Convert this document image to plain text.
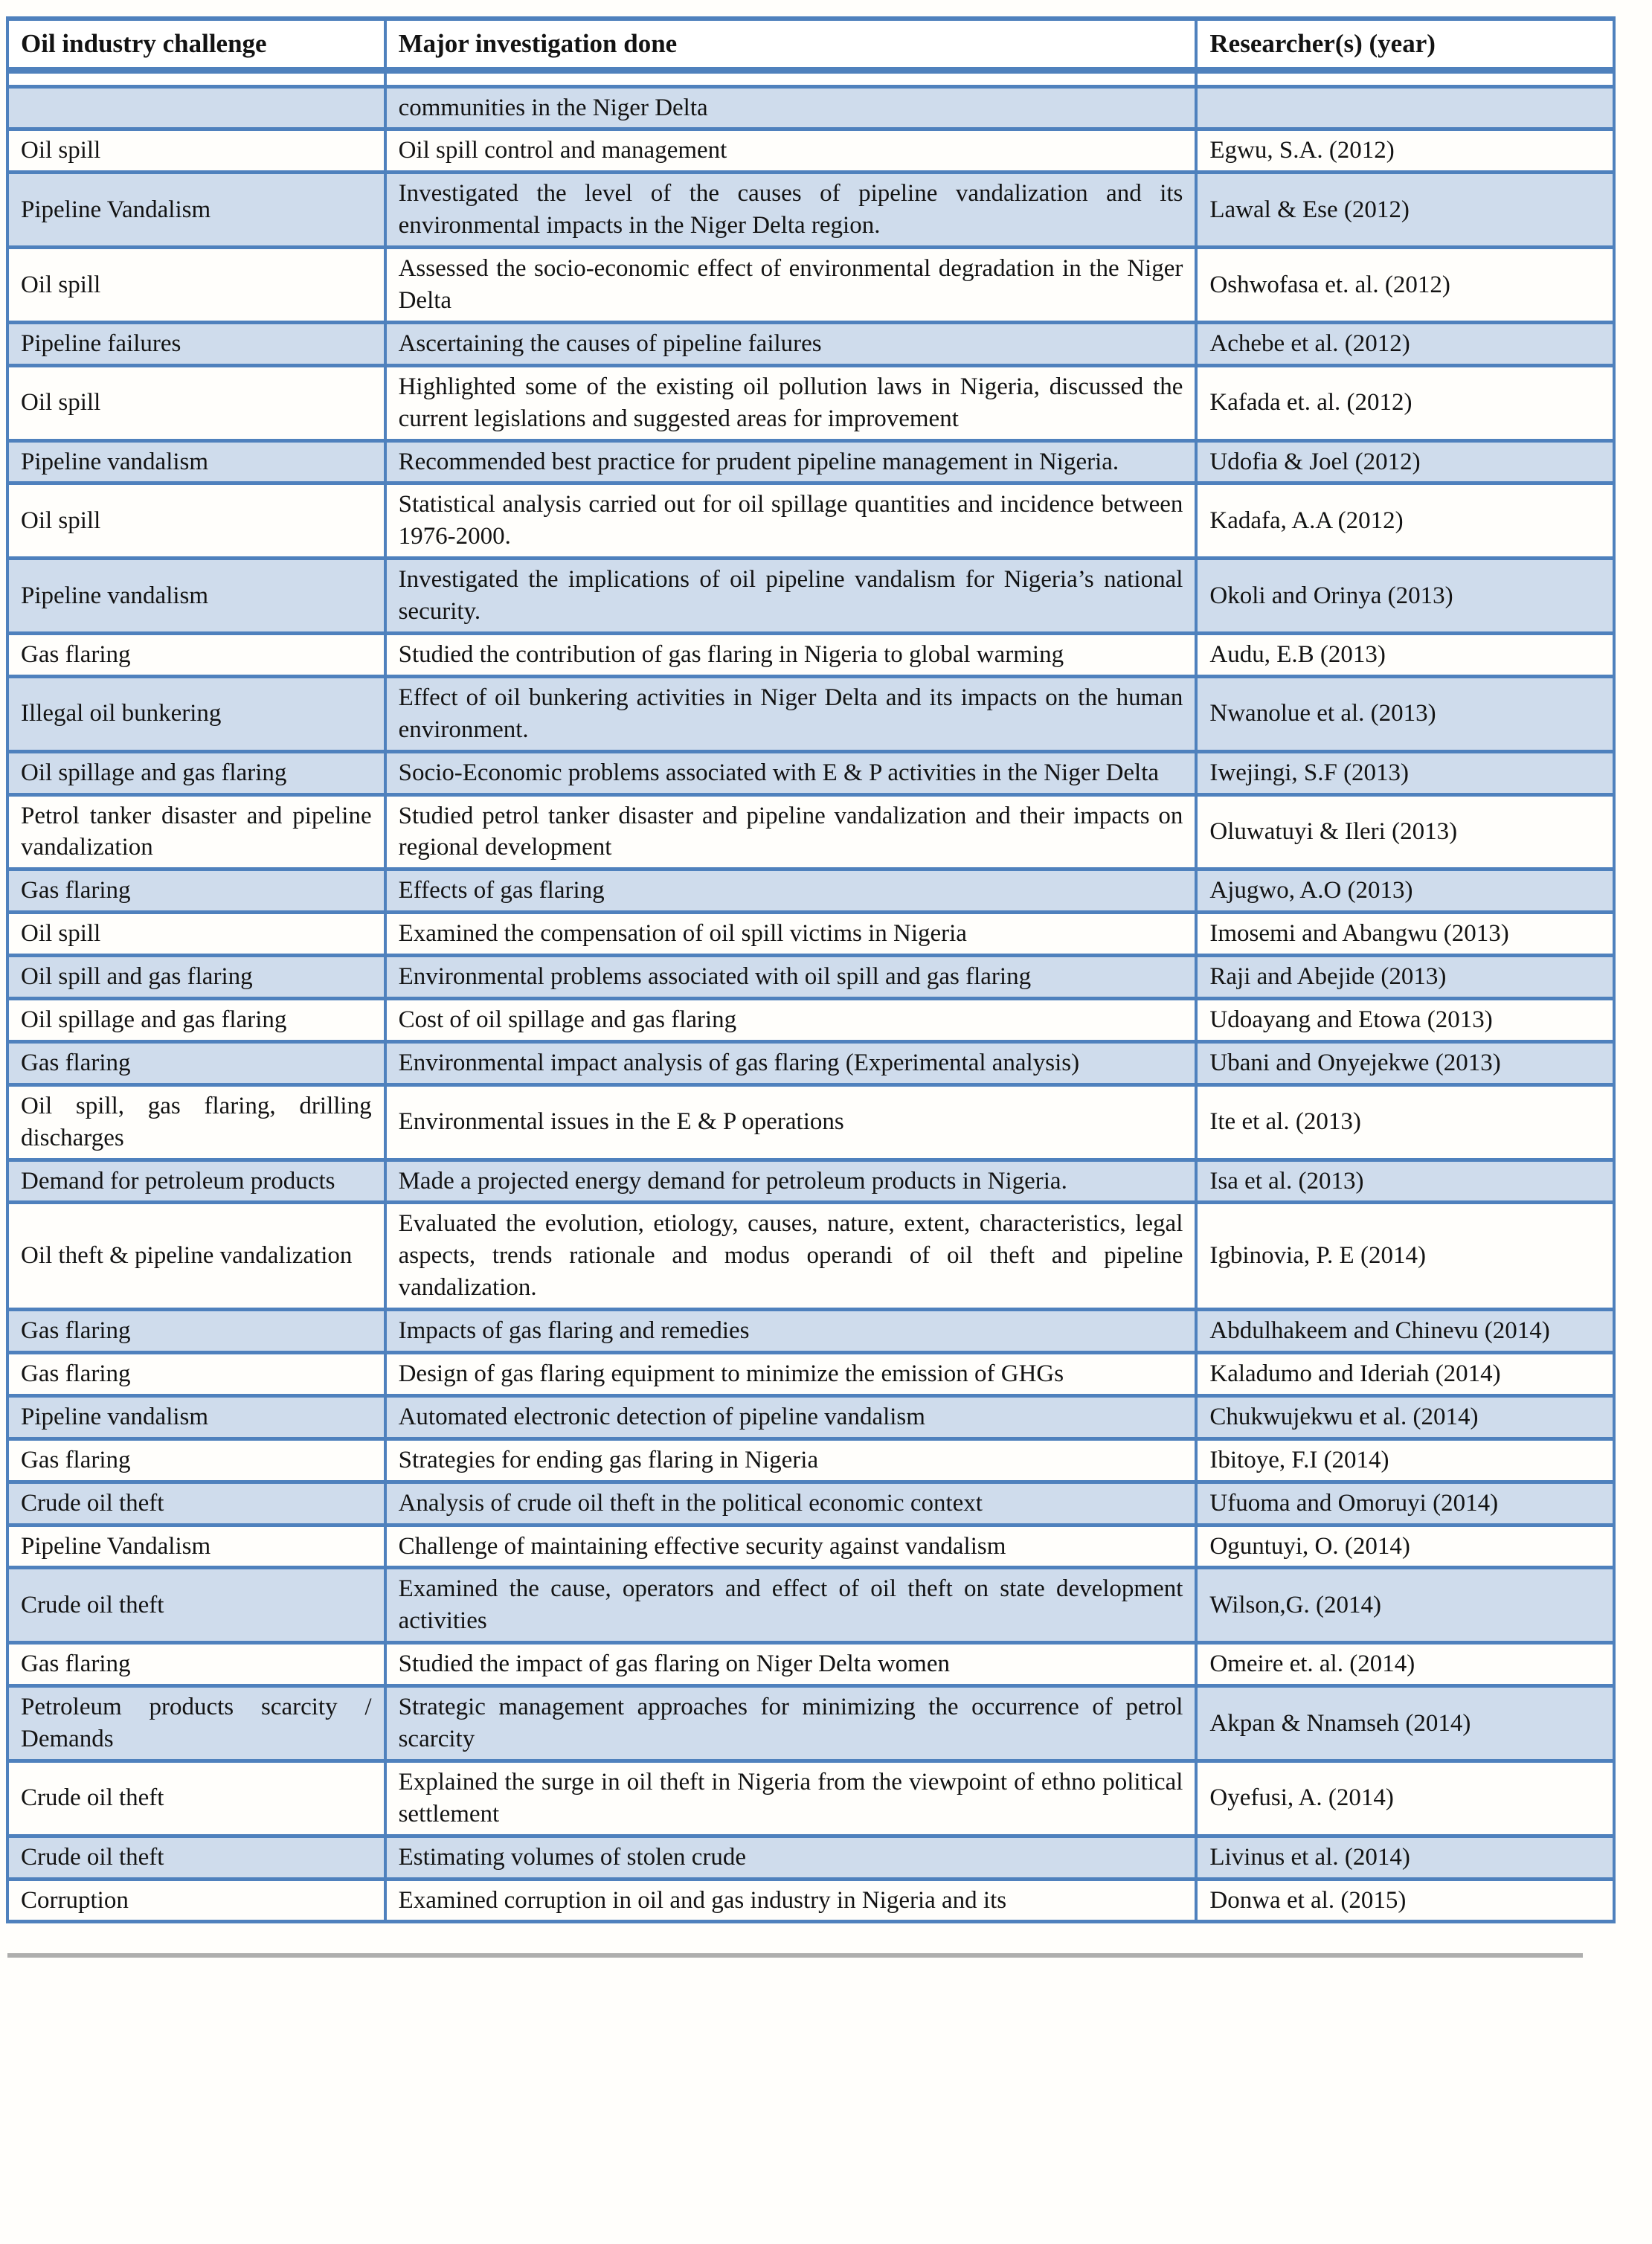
Oil industry challenge	Major investigation done	Researcher(s) (year)

	communities in the Niger Delta	
Oil spill	Oil spill control and management	Egwu, S.A. (2012)
Pipeline Vandalism	Investigated the level of the causes of pipeline vandalization and its environmental impacts in the Niger Delta region.	Lawal & Ese (2012)
Oil spill	Assessed the socio-economic effect of environmental degradation in the Niger Delta	Oshwofasa et. al. (2012)
Pipeline failures	Ascertaining the causes of pipeline failures	Achebe et al. (2012)
Oil spill	Highlighted some of the existing oil pollution laws in Nigeria, discussed the current legislations and suggested areas for improvement	Kafada et. al. (2012)
Pipeline vandalism	Recommended best practice for prudent pipeline management in Nigeria.	Udofia & Joel (2012)
Oil spill	Statistical analysis carried out for oil spillage quantities and incidence between 1976-2000.	Kadafa, A.A (2012)
Pipeline vandalism	Investigated the implications of oil pipeline vandalism for Nigeria’s national security.	Okoli and Orinya (2013)
Gas flaring	Studied the contribution of gas flaring in Nigeria to global warming	Audu, E.B (2013)
Illegal oil bunkering	Effect of oil bunkering activities in Niger Delta and its impacts on the human environment.	Nwanolue et al. (2013)
Oil spillage and gas flaring	Socio-Economic problems associated with E & P activities in the Niger Delta	Iwejingi, S.F (2013)
Petrol tanker disaster and pipeline vandalization	Studied petrol tanker disaster and pipeline vandalization and their impacts on regional development	Oluwatuyi & Ileri (2013)
Gas flaring	Effects of gas flaring	Ajugwo, A.O (2013)
Oil spill	Examined the compensation of oil spill victims in Nigeria	Imosemi and Abangwu (2013)
Oil spill and gas flaring	Environmental problems associated with oil spill and gas flaring	Raji and Abejide (2013)
Oil spillage and gas flaring	Cost of oil spillage and gas flaring	Udoayang and Etowa (2013)
Gas flaring	Environmental impact analysis of gas flaring (Experimental analysis)	Ubani and Onyejekwe (2013)
Oil spill, gas flaring, drilling discharges	Environmental issues in the E & P operations	Ite et al. (2013)
Demand for petroleum products	Made a projected energy demand for petroleum products in Nigeria.	Isa et al. (2013)
Oil theft & pipeline vandalization	Evaluated the evolution, etiology, causes, nature, extent, characteristics, legal aspects, trends rationale and modus operandi of oil theft and pipeline vandalization.	Igbinovia, P. E (2014)
Gas flaring	Impacts of gas flaring and remedies	Abdulhakeem and Chinevu (2014)
Gas flaring	Design of gas flaring equipment to minimize the emission of GHGs	Kaladumo and Ideriah (2014)
Pipeline vandalism	Automated electronic detection of pipeline vandalism	Chukwujekwu et al. (2014)
Gas flaring	Strategies for ending gas flaring in Nigeria	Ibitoye, F.I (2014)
Crude oil theft	Analysis of crude oil theft in the political economic context	Ufuoma and Omoruyi (2014)
Pipeline Vandalism	Challenge of maintaining effective security against vandalism	Oguntuyi, O. (2014)
Crude oil theft	Examined the cause, operators and effect of oil theft on state development activities	Wilson,G. (2014)
Gas flaring	Studied the impact of gas flaring on Niger Delta women	Omeire et. al. (2014)
Petroleum products scarcity / Demands	Strategic management approaches for minimizing the occurrence of petrol scarcity	Akpan & Nnamseh (2014)
Crude oil theft	Explained the surge in oil theft in Nigeria from the viewpoint of ethno political settlement	Oyefusi, A. (2014)
Crude oil theft	Estimating volumes of stolen crude	Livinus et al. (2014)
Corruption	Examined corruption in oil and gas industry in Nigeria and its	Donwa et al. (2015)
